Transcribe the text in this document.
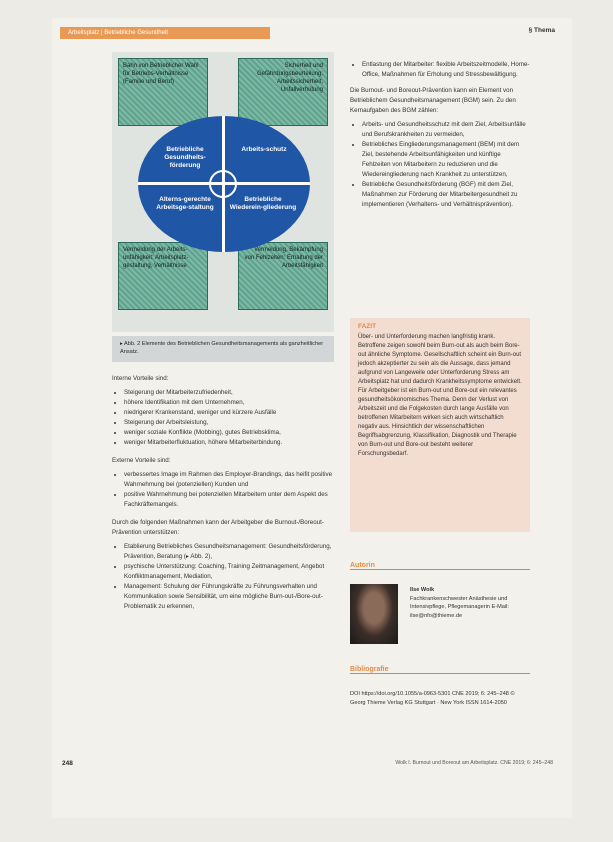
Arbeitsplatz | Betriebliche Gesundheit	§ Thema
Bahn von Betrieblicher Wahl für Betriebs-Verhältnisse (Familie und Beruf)
Sicherheit und Gefährdungsbeurteilung: Arbeitssicherheit, Unfallverhütung
Vermeidung der Arbeits-unfähigkeit: Arbeitsplatz-gestaltung, Verhältnisse
Vermeidung, Bekämpfung von Fehlzeiten: Erhaltung der Arbeitsfähigkeit
Betriebliche Gesundheits-förderung
Arbeits-schutz
Alterns-gerechte Arbeitsge-staltung
Betriebliche Wiederein-gliederung
▸ Abb. 2 Elemente des Betrieblichen Gesundheitsmanagements als ganzheitlicher Ansatz.

Interne Vorteile sind:

• Steigerung der Mitarbeiterzufriedenheit,
• höhere Identifikation mit dem Unternehmen,
• niedrigerer Krankenstand, weniger und kürzere Ausfälle
• Steigerung der Arbeitsleistung,
• weniger soziale Konflikte (Mobbing), gutes Betriebsklima,
• weniger Mitarbeiterfluktuation, höhere Mitarbeiterbindung.

Externe Vorteile sind:

• verbessertes Image im Rahmen des Employer-Brandings, das heifit positive Wahrnehmung bei (potenziellen) Kunden und
• positive Wahrnehmung bei potenziellen Mitarbeitern unter dem Aspekt des Fachkräftemangels.

Durch die folgenden Maßnahmen kann der Arbeitgeber die Burnout-/Boreout-Prävention unterstützen:

• Etablierung Betriebliches Gesundheitsmanagement: Gesundheitsförderung, Prävention, Beratung (▸ Abb. 2),
• psychische Unterstützung: Coaching, Training Zeitmanagement, Angebot Konfliktmanagement, Mediation,
• Management: Schulung der Führungskräfte zu Führungsverhalten und Kommunikation sowie Sensibilität, um eine mögliche Burn-out-/Bore-out-Problematik zu erkennen,
• Entlastung der Mitarbeiter: flexible Arbeitszeitmodelle, Home-Office, Maßnahmen für Erholung und Stressbewältigung.

Die Burnout- und Boreout-Prävention kann ein Element von Betrieblichem Gesundheitsmanagement (BGM) sein. Zu den Kernaufgaben des BGM zählen:

• Arbeits- und Gesundheitsschutz mit dem Ziel, Arbeitsunfälle und Berufskrankheiten zu vermeiden,
• Betriebliches Eingliederungsmanagement (BEM) mit dem Ziel, bestehende Arbeitsunfähigkeiten und künftige Fehlzeiten von Mitarbeitern zu reduzieren und die Wiedereingliederung nach Krankheit zu unterstützen,
• Betriebliche Gesundheitsförderung (BGF) mit dem Ziel, Maßnahmen zur Förderung der Mitarbeitergesundheit zu implementieren (Verhaltens- und Verhältnisprävention).
FAZIT
Über- und Unterforderung machen langfristig krank. Betroffene zeigen sowohl beim Burn-out als auch beim Bore-out ähnliche Symptome. Gesellschaftlich scheint ein Burn-out jedoch akzeptierter zu sein als die Aussage, dass jemand aufgrund von Langeweile oder Unterforderung Stress am Arbeitsplatz hat und dadurch Krankheitssymptome entwickelt. Für Arbeitgeber ist ein Burn-out und Bore-out ein relevantes gesundheitsökonomisches Thema. Denn der Verlust von Arbeitszeit und die Folgekosten durch lange Ausfälle von betroffenen Mitarbeitern wirken sich auch wirtschaftlich negativ aus. Hinsichtlich der wissenschaftlichen Begriffsabgrenzung, Klassifikation, Diagnostik und Therapie von Burn-out und Bore-out besteht weiterer Forschungsbedarf.
Autorin
Ilse Wolk
Fachkrankenschwester Anästhesie und Intensivpflege, Pflegemanagerin E-Mail: ilse@nfo@thieme.de
Bibliografie
DOI https://doi.org/10.1055/a-0963-5301 CNE 2019; 6: 245–248 © Georg Thieme Verlag KG Stuttgart · New York ISSN 1614-2050
248	Wolk I. Burnout und Boreout am Arbeitsplatz. CNE 2019; 6: 245–248
